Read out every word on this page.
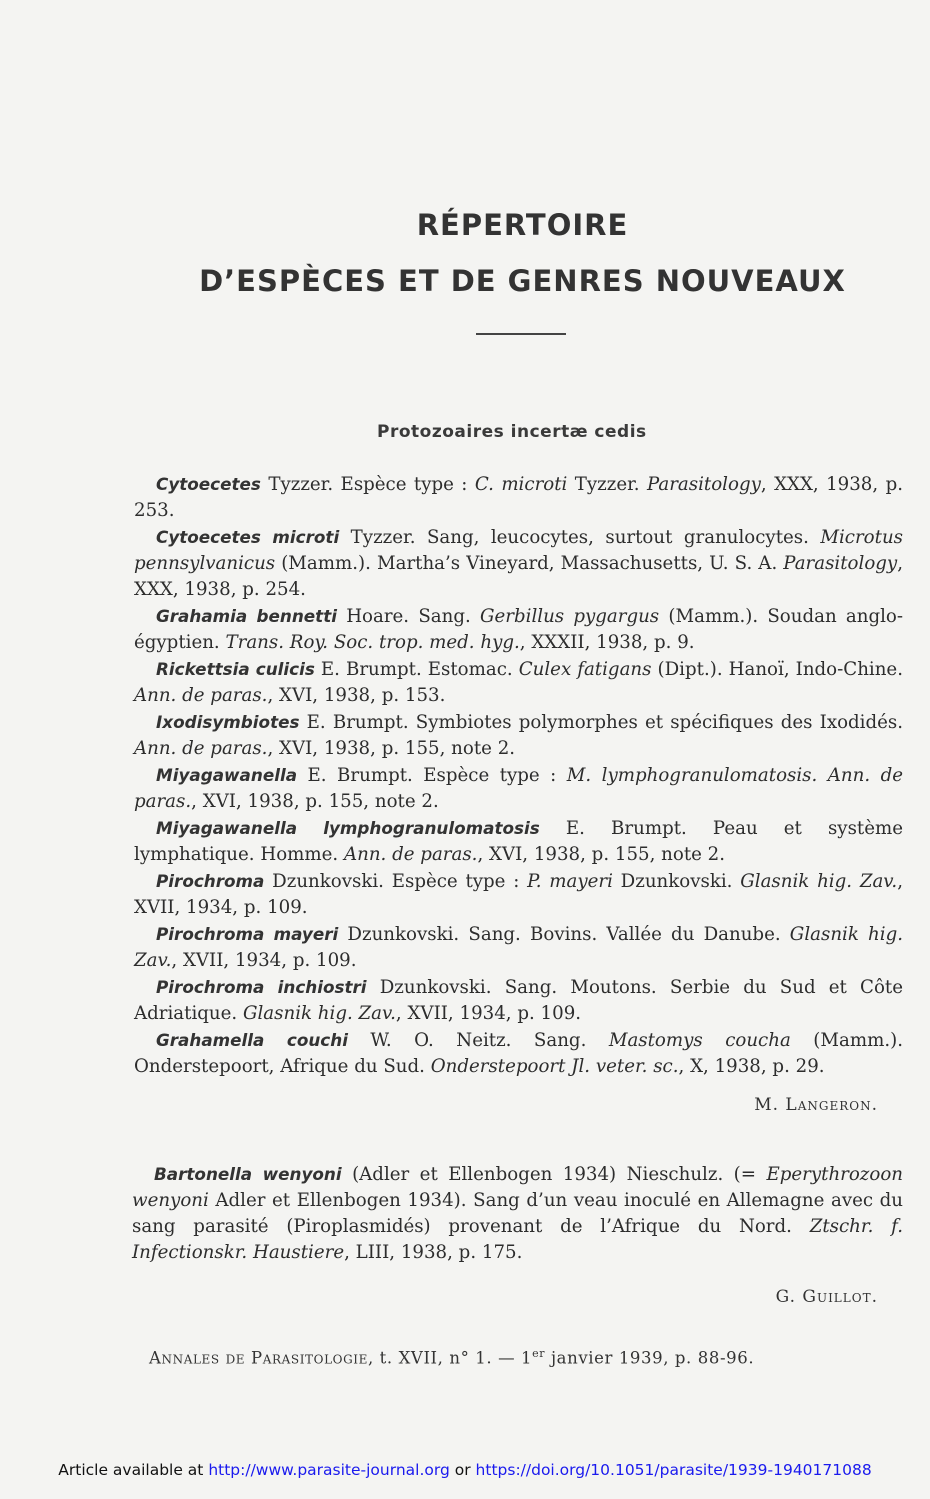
RÉPERTOIRE
D’ESPÈCES ET DE GENRES NOUVEAUX
Protozoaires incertæ cedis

Cytoecetes Tyzzer. Espèce type : C. microti Tyzzer. Parasitology, XXX, 1938, p. 253.

Cytoecetes microti Tyzzer. Sang, leucocytes, surtout granulocytes. Microtus pennsylvanicus (Mamm.). Martha’s Vineyard, Massachusetts, U. S. A. Parasitology, XXX, 1938, p. 254.

Grahamia bennetti Hoare. Sang. Gerbillus pygargus (Mamm.). Soudan anglo-égyptien. Trans. Roy. Soc. trop. med. hyg., XXXII, 1938, p. 9.

Rickettsia culicis E. Brumpt. Estomac. Culex fatigans (Dipt.). Hanoï, Indo-Chine. Ann. de paras., XVI, 1938, p. 153.

Ixodisymbiotes E. Brumpt. Symbiotes polymorphes et spécifiques des Ixodidés. Ann. de paras., XVI, 1938, p. 155, note 2.

Miyagawanella E. Brumpt. Espèce type : M. lymphogranulomatosis. Ann. de paras., XVI, 1938, p. 155, note 2.

Miyagawanella lymphogranulomatosis E. Brumpt. Peau et système lymphatique. Homme. Ann. de paras., XVI, 1938, p. 155, note 2.

Pirochroma Dzunkovski. Espèce type : P. mayeri Dzunkovski. Glasnik hig. Zav., XVII, 1934, p. 109.

Pirochroma mayeri Dzunkovski. Sang. Bovins. Vallée du Danube. Glasnik hig. Zav., XVII, 1934, p. 109.

Pirochroma inchiostri Dzunkovski. Sang. Moutons. Serbie du Sud et Côte Adriatique. Glasnik hig. Zav., XVII, 1934, p. 109.

Grahamella couchi W. O. Neitz. Sang. Mastomys coucha (Mamm.). Onderstepoort, Afrique du Sud. Onderstepoort Jl. veter. sc., X, 1938, p. 29.

M. Langeron.

Bartonella wenyoni (Adler et Ellenbogen 1934) Nieschulz. (= Eperythrozoon wenyoni Adler et Ellenbogen 1934). Sang d’un veau inoculé en Allemagne avec du sang parasité (Piroplasmidés) provenant de l’Afrique du Nord. Ztschr. f. Infectionskr. Haustiere, LIII, 1938, p. 175.

G. Guillot.
Annales de Parasitologie, t. XVII, n° 1. — 1er janvier 1939, p. 88-96.
Article available at http://www.parasite-journal.org or https://doi.org/10.1051/parasite/1939-1940171088
